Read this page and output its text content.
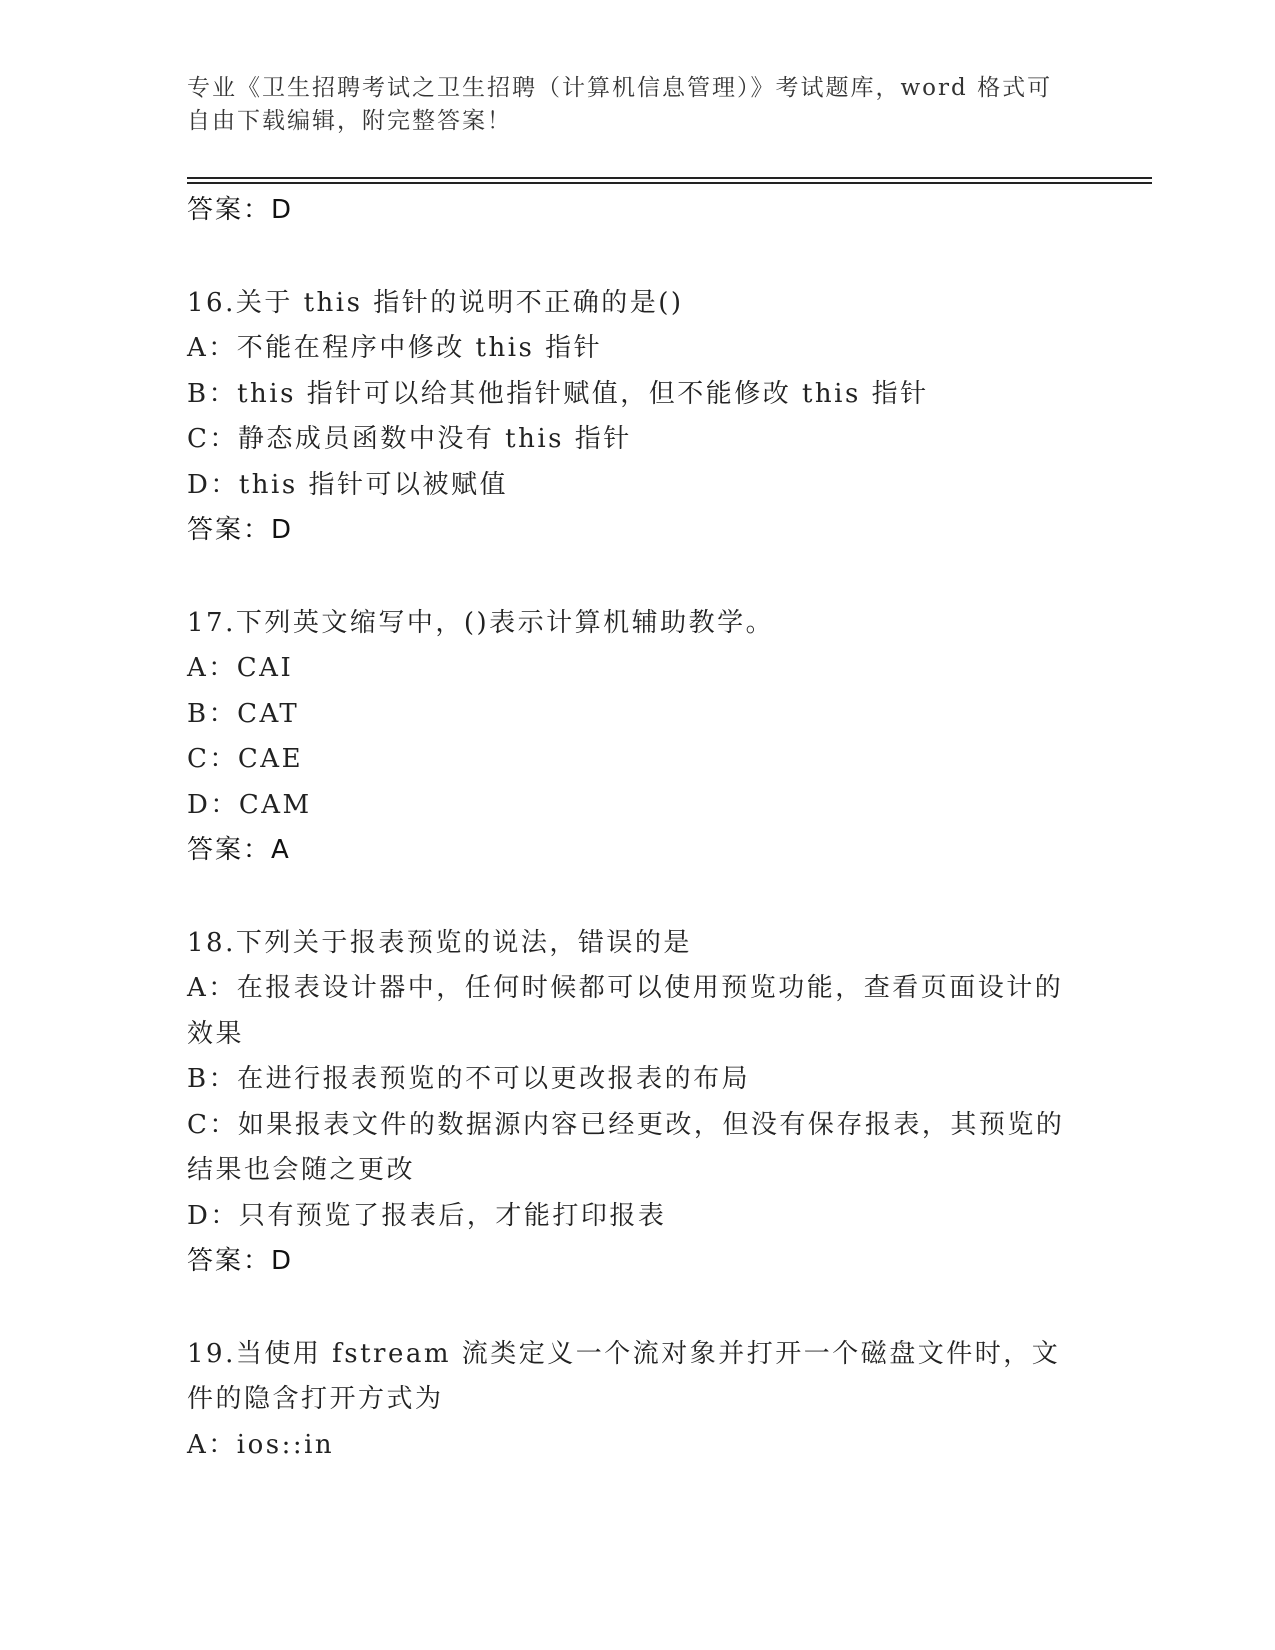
专业《卫生招聘考试之卫生招聘（计算机信息管理）》考试题库，word 格式可自由下载编辑，附完整答案！
答案：D
16.关于 this 指针的说明不正确的是()
A：不能在程序中修改 this 指针
B：this 指针可以给其他指针赋值，但不能修改 this 指针
C：静态成员函数中没有 this 指针
D：this 指针可以被赋值
答案：D
17.下列英文缩写中，()表示计算机辅助教学。
A：CAI
B：CAT
C：CAE
D：CAM
答案：A
18.下列关于报表预览的说法，错误的是
A：在报表设计器中，任何时候都可以使用预览功能，查看页面设计的效果
B：在进行报表预览的不可以更改报表的布局
C：如果报表文件的数据源内容已经更改，但没有保存报表，其预览的结果也会随之更改
D：只有预览了报表后，才能打印报表
答案：D
19.当使用 fstream 流类定义一个流对象并打开一个磁盘文件时，文件的隐含打开方式为
A：ios::in
